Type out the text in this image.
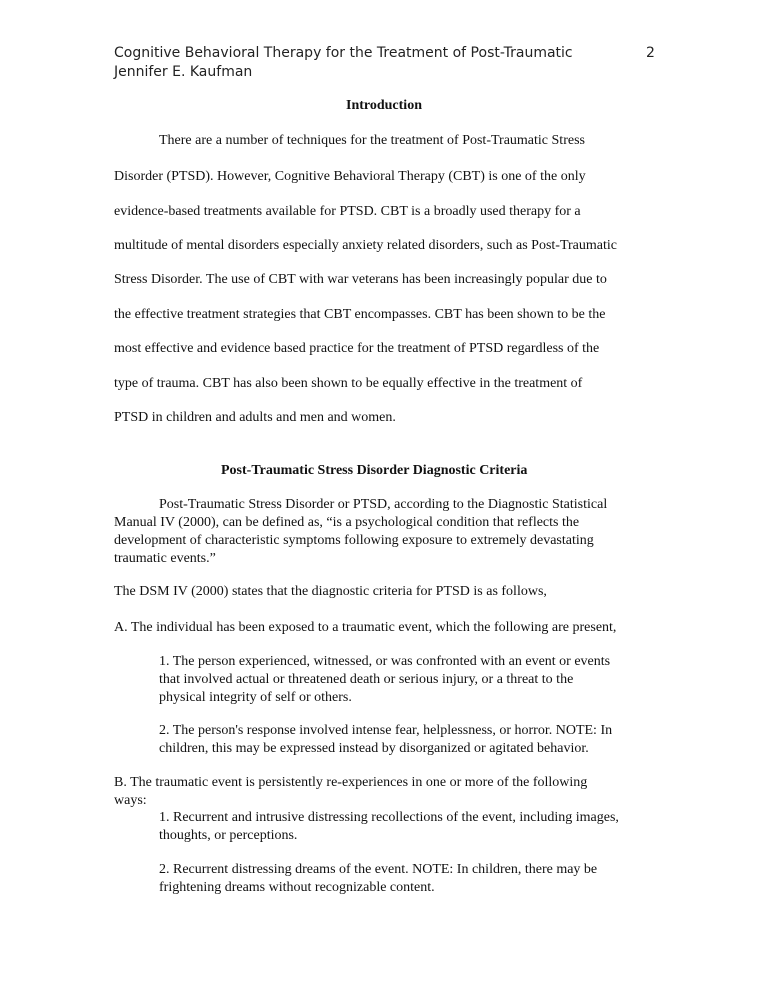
Cognitive Behavioral Therapy for the Treatment of Post-Traumatic	2
Jennifer E. Kaufman
Introduction
There are a number of techniques for the treatment of Post-Traumatic Stress
Disorder (PTSD). However, Cognitive Behavioral Therapy (CBT) is one of the only
evidence-based treatments available for PTSD. CBT is a broadly used therapy for a
multitude of mental disorders especially anxiety related disorders, such as Post-Traumatic
Stress Disorder. The use of CBT with war veterans has been increasingly popular due to
the effective treatment strategies that CBT encompasses. CBT has been shown to be the
most effective and evidence based practice for the treatment of PTSD regardless of the
type of trauma. CBT has also been shown to be equally effective in the treatment of
PTSD in children and adults and men and women.
Post-Traumatic Stress Disorder Diagnostic Criteria
Post-Traumatic Stress Disorder or PTSD, according to the Diagnostic Statistical
Manual IV (2000), can be defined as, “is a psychological condition that reflects the
development of characteristic symptoms following exposure to extremely devastating
traumatic events.”
The DSM IV (2000) states that the diagnostic criteria for PTSD is as follows,
A. The individual has been exposed to a traumatic event, which the following are present,
1. The person experienced, witnessed, or was confronted with an event or events
that involved actual or threatened death or serious injury, or a threat to the
physical integrity of self or others.
2. The person's response involved intense fear, helplessness, or horror. NOTE: In
children, this may be expressed instead by disorganized or agitated behavior.
B. The traumatic event is persistently re-experiences in one or more of the following
ways:
1. Recurrent and intrusive distressing recollections of the event, including images,
thoughts, or perceptions.
2. Recurrent distressing dreams of the event. NOTE: In children, there may be
frightening dreams without recognizable content.
